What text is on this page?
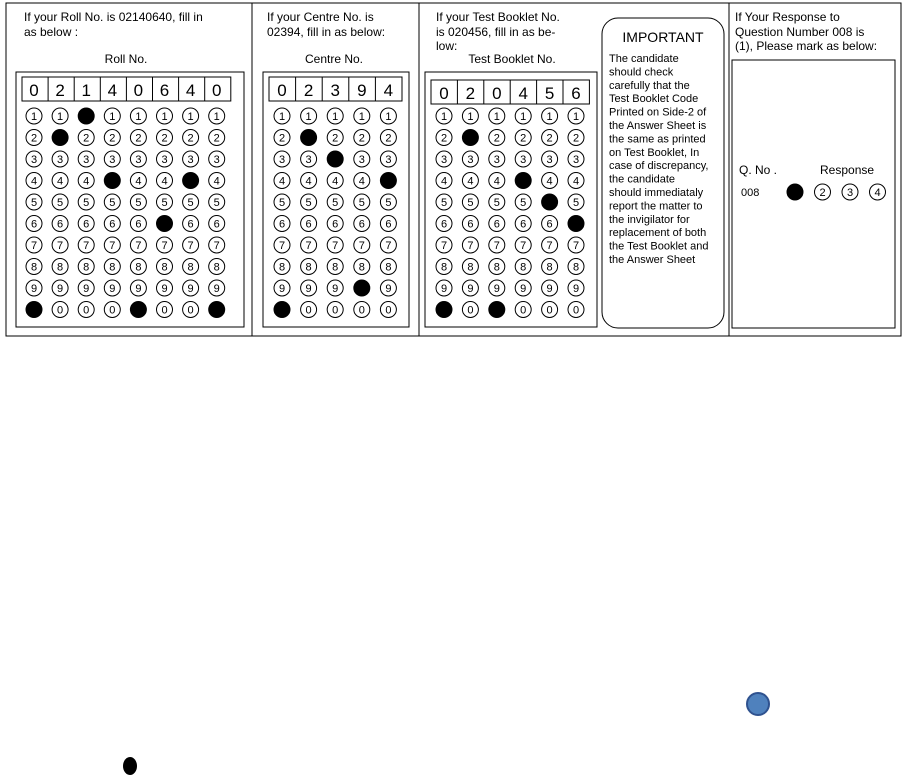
If your Roll No. is 02140640, fill in
as below :
Roll No.
0
1
2
3
4
5
6
7
8
9
2
1
3
4
5
6
7
8
9
0
1
2
3
4
5
6
7
8
9
0
4
1
2
3
5
6
7
8
9
0
0
1
2
3
4
5
6
7
8
9
6
1
2
3
4
5
7
8
9
0
4
1
2
3
5
6
7
8
9
0
0
1
2
3
4
5
6
7
8
9
If your Centre No. is
02394, fill in as below:
Centre No.
0
1
2
3
4
5
6
7
8
9
2
1
3
4
5
6
7
8
9
0
3
1
2
4
5
6
7
8
9
0
9
1
2
3
4
5
6
7
8
0
4
1
2
3
5
6
7
8
9
0
If your Test Booklet No.
is 020456, fill in as be-
low:
Test Booklet No.
0
1
2
3
4
5
6
7
8
9
2
1
3
4
5
6
7
8
9
0
0
1
2
3
4
5
6
7
8
9
4
1
2
3
5
6
7
8
9
0
5
1
2
3
4
6
7
8
9
0
6
1
2
3
4
5
7
8
9
0
IMPORTANT
The candidate
should check
carefully that the
Test Booklet Code
Printed on Side-2 of
the Answer Sheet is
the same as printed
on Test Booklet, In
case of discrepancy,
the candidate
should immediataly
report the matter to
the invigilator for
replacement of both
the Test Booklet and
the Answer Sheet
If Your Response to
Question Number 008 is
(1), Please mark as below:
Q. No .	Response
008	2 3 4
